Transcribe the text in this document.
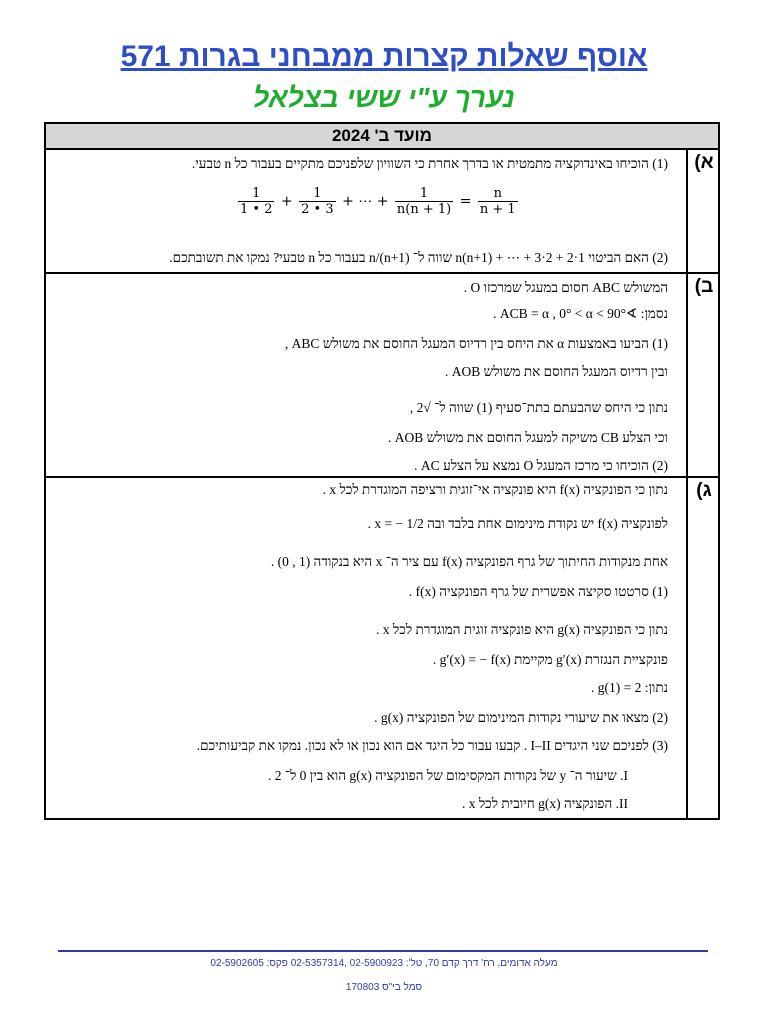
אוסף שאלות קצרות ממבחני בגרות 571
נערך ע"י ששי בצלאל
מועד ב' 2024
א)
(1) הוכיחו באינדוקציה מתמטית או בדרך אחרת כי השוויון שלפניכם מתקיים בעבור כל n טבעי.
$\frac{1}{1 • 2} + \frac{1}{2 • 3}$ + ⋯ + $\frac{1}{n(n + 1)} = \frac{n}{n + 1}$
(2) האם הביטוי 1·2 + 2·3 + ⋯ + n(n+1) שווה ל־ (n+1)/n בעבור כל n טבעי? נמקו את תשובתכם.
ב)
המשולש ABC חסום במעגל שמרכזו O .
נסמן: ∢ACB = α , 0° < α < 90° .
(1) הביעו באמצעות α את היחס בין רדיוס המעגל החוסם את משולש ABC ,
ובין רדיוס המעגל החוסם את משולש AOB .
נתון כי היחס שהבעתם בתת־סעיף (1) שווה ל־ √2 ,
וכי הצלע CB משיקה למעגל החוסם את משולש AOB .
(2) הוכיחו כי מרכז המעגל O נמצא על הצלע AC .
ג)
נתון כי הפונקציה f(x) היא פונקציה אי־זוגית ורציפה המוגדרת לכל x .
לפונקציה f(x) יש נקודת מינימום אחת בלבד ובה x = − 1/2 .
אחת מנקודות החיתוך של גרף הפונקציה f(x) עם ציר ה־ x היא בנקודה (1 , 0) .
(1) סרטטו סקיצה אפשרית של גרף הפונקציה f(x) .
נתון כי הפונקציה g(x) היא פונקציה זוגית המוגדרת לכל x .
פונקציית הנגזרת g′(x) מקיימת g′(x) = − f(x) .
נתון: g(1) = 2 .
(2) מצאו את שיעורי נקודות המינימום של הפונקציה g(x) .
(3) לפניכם שני היגדים I–II . קבעו עבור כל היגד אם הוא נכון או לא נכון. נמקו את קביעותיכם.
I. שיעור ה־ y של נקודות המקסימום של הפונקציה g(x) הוא בין 0 ל־ 2 .
II. הפונקציה g(x) חיובית לכל x .
מעלה אדומים, רח' דרך קדם 70, טל': 02-5900923 ,02-5357314 פקס: 02-5902605
סמל בי"ס 170803
